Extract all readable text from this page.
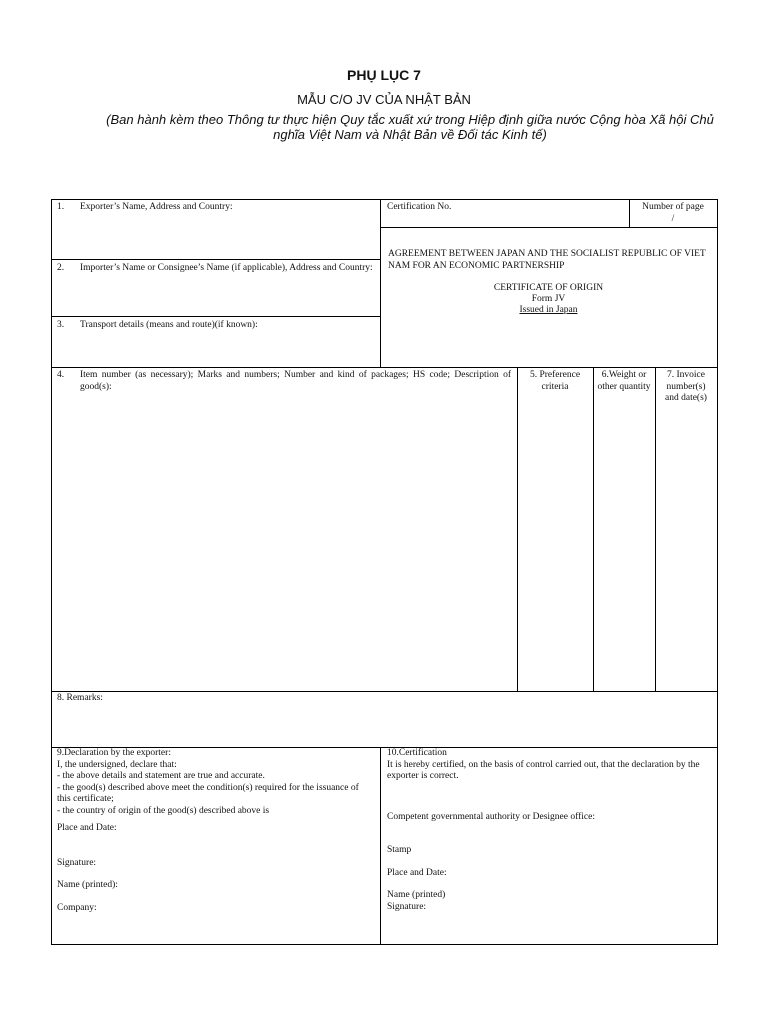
PHỤ LỤC 7
MẪU C/O JV CỦA NHẬT BẢN
(Ban hành kèm theo Thông tư thực hiện Quy tắc xuất xứ trong Hiệp định giữa nước Cộng hòa Xã hội Chủ nghĩa Việt Nam và Nhật Bản về Đối tác Kinh tế)
1. Exporter’s Name, Address and Country:	Certification No.	Number of page
/
2. Importer’s Name or Consignee’s Name (if applicable), Address and Country:
AGREEMENT BETWEEN JAPAN AND THE SOCIALIST REPUBLIC OF VIET NAM FOR AN ECONOMIC PARTNERSHIP
CERTIFICATE OF ORIGIN
Form JV
Issued in Japan
3. Transport details (means and route)(if known):
4. Item number (as necessary); Marks and numbers; Number and kind of packages; HS code; Description of good(s):
5. Preference criteria
6.Weight or other quantity
7. Invoice number(s) and date(s)
8. Remarks:
9.Declaration by the exporter:
I, the undersigned, declare that:
- the above details and statement are true and accurate.
- the good(s) described above meet the condition(s) required for the issuance of this certificate;
- the country of origin of the good(s) described above is
Place and Date:
Signature:
Name (printed):
Company:
10.Certification
It is hereby certified, on the basis of control carried out, that the declaration by the exporter is correct.
Competent governmental authority or Designee office:
Stamp
Place and Date:
Name (printed)
Signature:
